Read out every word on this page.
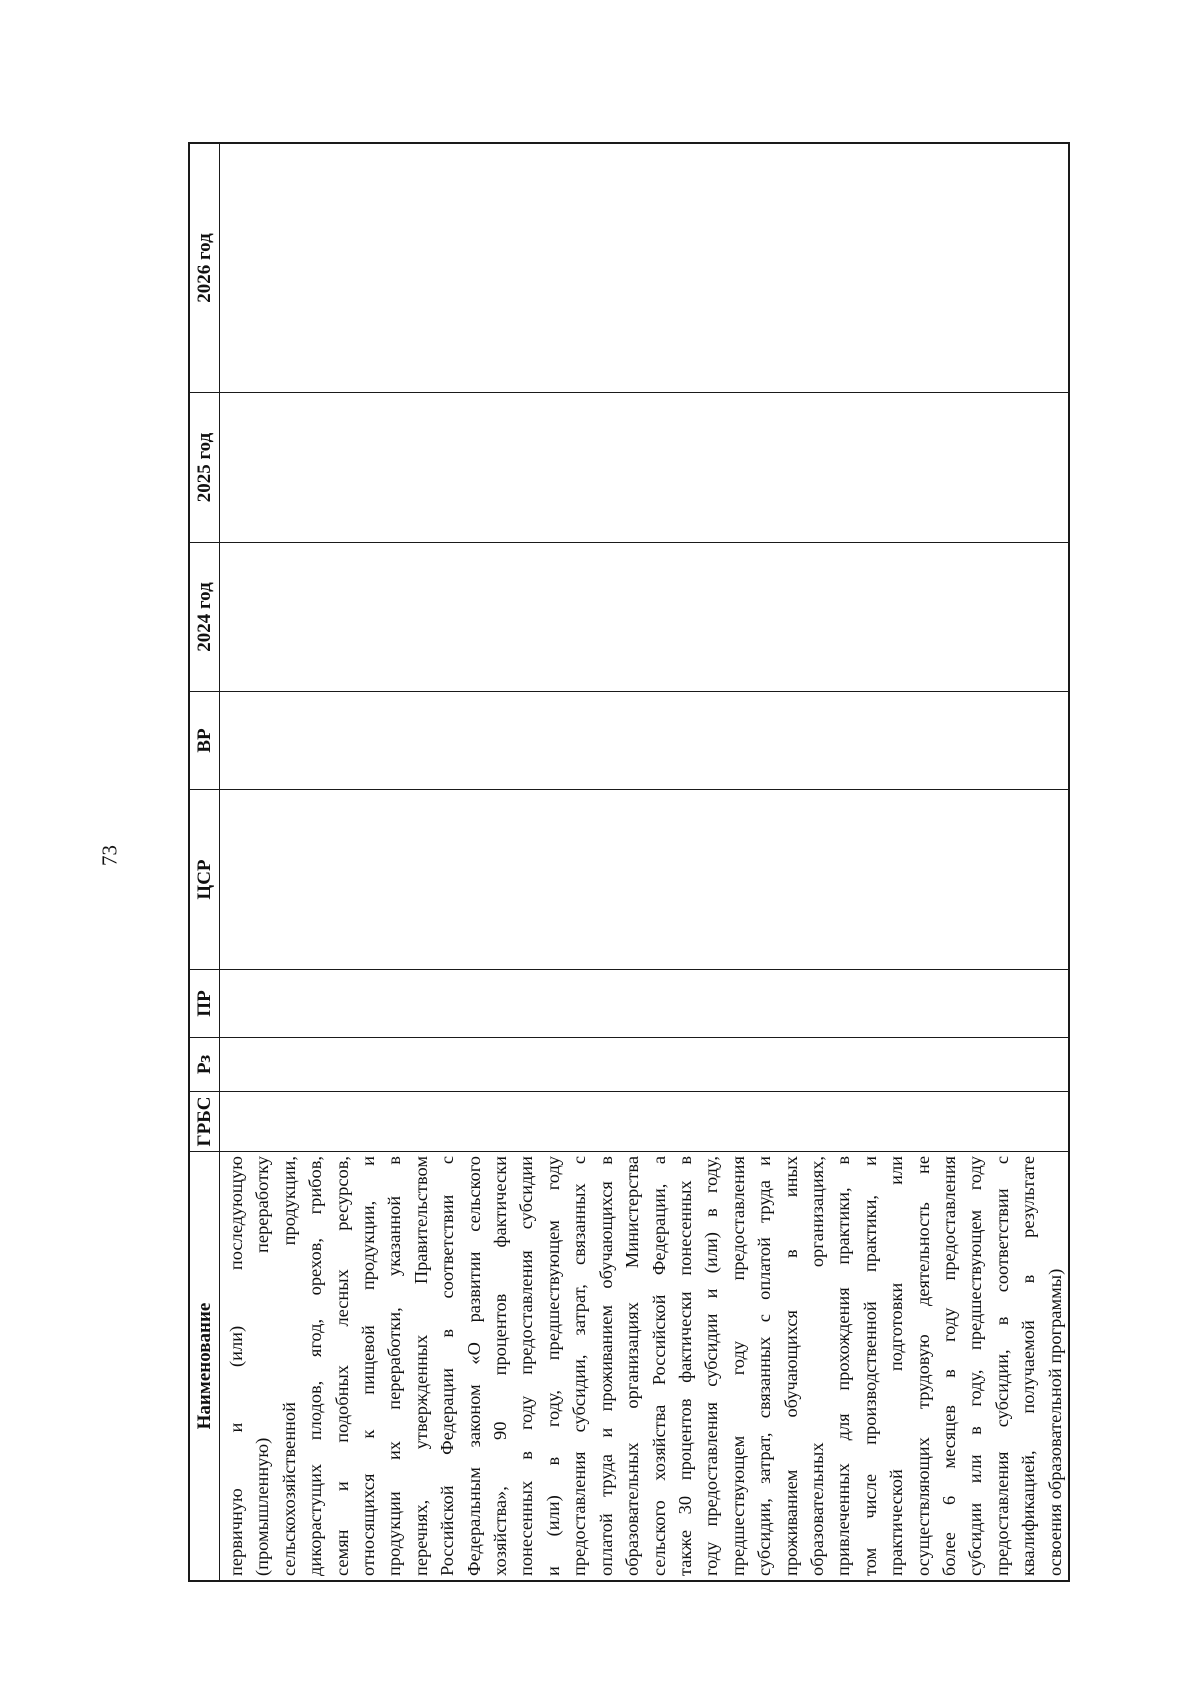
73
Наименование первичную и (или) последующую (промышленную) переработку сельскохозяйственной продукции, дикорастущих плодов, ягод, орехов, грибов, семян и подобных лесных ресурсов, относящихся к пищевой продукции, и продукции их переработки, указанной в перечнях, утвержденных Правительством Российской Федерации в соответствии с Федеральным законом «О развитии сельского хозяйства», 90 процентов фактически понесенных в году предоставления субсидии и (или) в году, предшествующем году предоставления субсидии, затрат, связанных с оплатой труда и проживанием обучающихся в образовательных организациях Министерства сельского хозяйства Российской Федерации, а также 30 процентов фактически понесенных в году предоставления субсидии и (или) в году, предшествующем году предоставления субсидии, затрат, связанных с оплатой труда и проживанием обучающихся в иных образовательных организациях, привлеченных для прохождения практики, в том числе производственной практики, и практической подготовки или осуществляющих трудовую деятельность не более 6 месяцев в году предоставления субсидии или в году, предшествующем году предоставления субсидии, в соответствии с квалификацией, получаемой в результате освоения образовательной программы)
ГРБС
Рз
ПР
ЦСР
ВР
2024 год
2025 год
2026 год
